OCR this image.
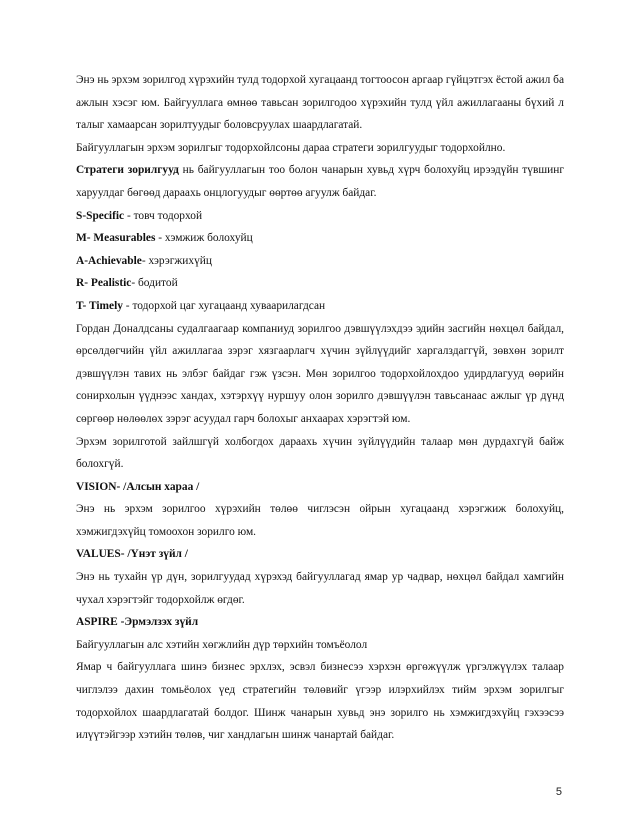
Энэ нь эрхэм зорилгод хүрэхийн тулд тодорхой хугацаанд тогтоосон аргаар гүйцэтгэх ёстой ажил ба ажлын хэсэг юм. Байгууллага өмнөө тавьсан зорилгодоо хүрэхийн тулд үйл ажиллагааны бүхий л талыг хамаарсан зорилтуудыг боловсруулах шаардлагатай.

Байгууллагын эрхэм зорилгыг тодорхойлсоны дараа стратеги зорилгуудыг тодорхойлно.

Стратеги зорилгууд нь байгууллагын тоо болон чанарын хувьд хүрч болохуйц ирээдүйн түвшинг харуулдаг бөгөөд дараахь онцлогуудыг өөртөө агуулж байдаг.

S-Specific - товч тодорхой

M- Measurables - хэмжиж болохуйц

A-Achievable- хэрэгжихүйц

R- Pealistic- бодитой

T- Timely - тодорхой цаг хугацаанд хуваарилагдсан

Гордан Доналдсаны судалгаагаар компаниуд зорилгоо дэвшүүлэхдээ эдийн засгийн нөхцөл байдал, өрсөлдөгчийн үйл ажиллагаа зэрэг хязгаарлагч хүчин зүйлүүдийг харгалздаггүй, зөвхөн зорилт дэвшүүлэн тавих нь элбэг байдаг гэж үзсэн. Мөн зорилгоо тодорхойлохдоо удирдлагууд өөрийн сонирхолын үүднээс хандах, хэтэрхүү нуршуу олон зорилго дэвшүүлэн тавьсанаас ажлыг үр дүнд сөргөөр нөлөөлөх зэрэг асуудал гарч болохыг анхаарах хэрэгтэй юм.

Эрхэм зорилготой зайлшгүй холбогдох дараахь хүчин зүйлүүдийн талаар мөн дурдахгүй байж болохгүй.

VISION- /Алсын хараа /

Энэ нь эрхэм зорилгоо хүрэхийн төлөө чиглэсэн ойрын хугацаанд хэрэгжиж болохуйц, хэмжигдэхүйц томоохон зорилго юм.

VALUES- /Үнэт зүйл /

Энэ нь тухайн үр дүн, зорилгуудад хүрэхэд байгууллагад ямар ур чадвар, нөхцөл байдал хамгийн чухал хэрэгтэйг тодорхойлж өгдөг.

ASPIRE -Эрмэлзэх зүйл

Байгууллагын алс хэтийн хөгжлийн дүр төрхийн томъёолол

Ямар ч байгууллага шинэ бизнес эрхлэх, эсвэл бизнесээ хэрхэн өргөжүүлж үргэлжүүлэх талаар чиглэлээ дахин томьёолох үед стратегийн төлөвийг үгээр илэрхийлэх тийм эрхэм зорилгыг тодорхойлох шаардлагатай болдог. Шинж чанарын хувьд энэ зорилго нь хэмжигдэхүйц гэхээсээ илүүтэйгээр хэтийн төлөв, чиг хандлагын шинж чанартай байдаг.

5
